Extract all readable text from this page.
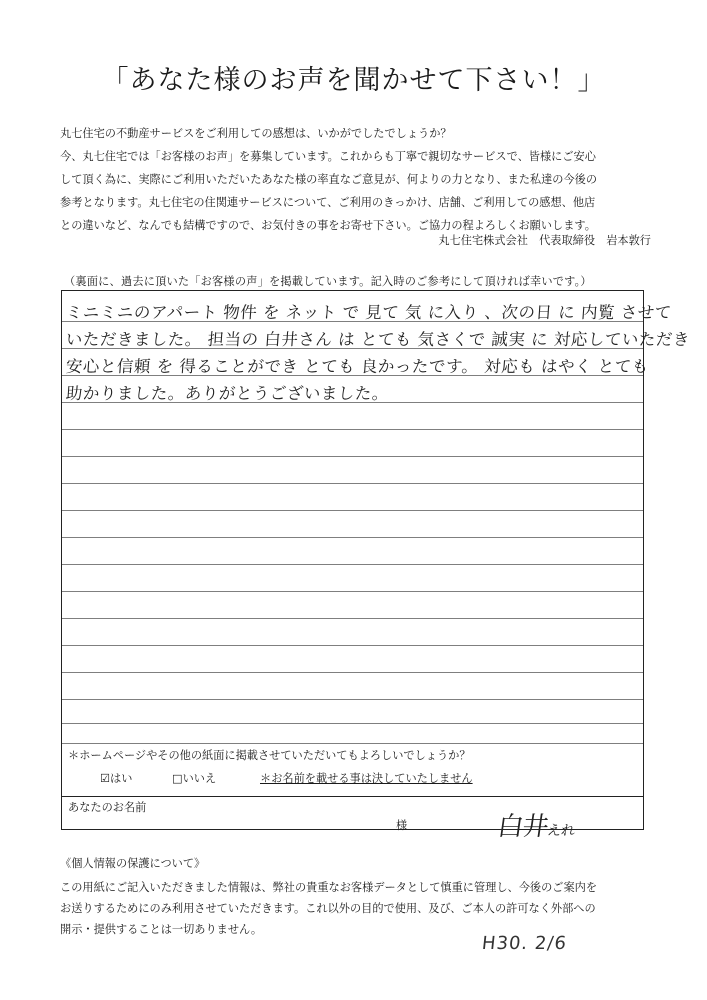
「あなた様のお声を聞かせて下さい！」

丸七住宅の不動産サービスをご利用しての感想は、いかがでしたでしょうか？

今、丸七住宅では「お客様のお声」を募集しています。これからも丁寧で親切なサービスで、皆様にご安心

して頂く為に、実際にご利用いただいたあなた様の率直なご意見が、何よりの力となり、また私達の今後の

参考となります。丸七住宅の住関連サービスについて、ご利用のきっかけ、店舗、ご利用しての感想、他店

との違いなど、なんでも結構ですので、お気付きの事をお寄せ下さい。ご協力の程よろしくお願いします。

丸七住宅株式会社　代表取締役　岩本敦行
（裏面に、過去に頂いた「お客様の声」を掲載しています。記入時のご参考にして頂ければ幸いです。）
ミニミニのアパート 物件 を ネット で 見て 気 に入り 、次の日 に 内覧 させて
いただきました。 担当の 白井さん は とても 気さくで 誠実 に 対応していただき
安心と信頼 を 得ることができ とても 良かったです。 対応も はやく とても
助かりました。ありがとうございました。
＊ホームページやその他の紙面に掲載させていただいてもよろしいでしょうか？
☑はい	□いいえ	＊お名前を載せる事は決していたしません
あなたのお名前
様	白井えれ
《個人情報の保護について》

この用紙にご記入いただきました情報は、弊社の貴重なお客様データとして慎重に管理し、今後のご案内を

お送りするためにのみ利用させていただきます。これ以外の目的で使用、及び、ご本人の許可なく外部への

開示・提供することは一切ありません。

H30. 2/6
